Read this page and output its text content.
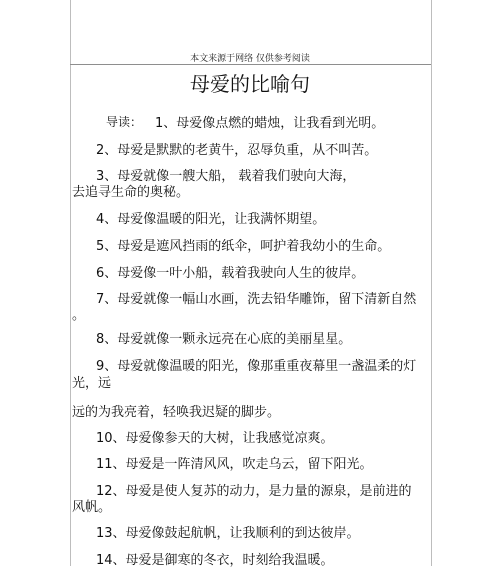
本文来源于网络 仅供参考阅读
母爱的比喻句
导读： 1、母爱像点燃的蜡烛，让我看到光明。
2、母爱是默默的老黄牛，忍辱负重，从不叫苦。
3、母爱就像一艘大船， 载着我们驶向大海，
去追寻生命的奥秘。
4、母爱像温暖的阳光，让我满怀期望。
5、母爱是遮风挡雨的纸伞，呵护着我幼小的生命。
6、母爱像一叶小船，载着我驶向人生的彼岸。
7、母爱就像一幅山水画，洗去铅华雕饰，留下清新自然
。
8、母爱就像一颗永远亮在心底的美丽星星。
9、母爱就像温暖的阳光，像那重重夜幕里一盏温柔的灯
光，远
远的为我亮着，轻唤我迟疑的脚步。
10、母爱像参天的大树，让我感觉凉爽。
11、母爱是一阵清风风，吹走乌云，留下阳光。
12、母爱是使人复苏的动力，是力量的源泉，是前进的
风帆。
13、母爱像鼓起航帆，让我顺利的到达彼岸。
14、母爱是御寒的冬衣，时刻给我温暖。
